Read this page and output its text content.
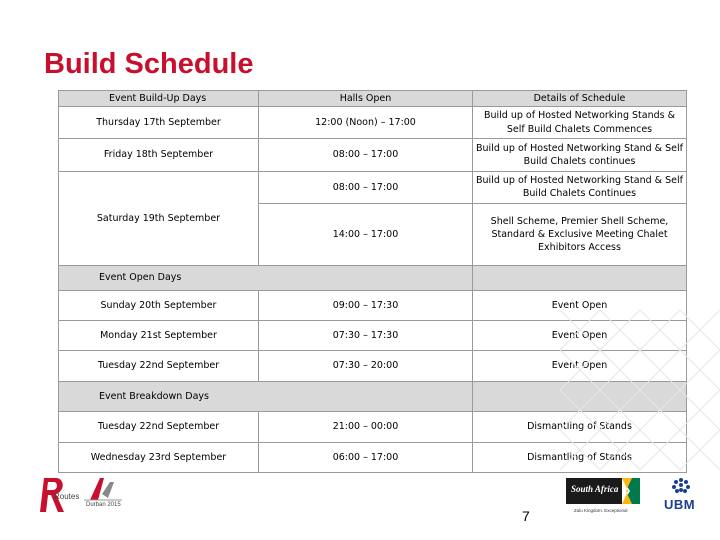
Build Schedule
Event Build-Up Days	Halls Open	Details of Schedule
Thursday 17th September	12:00 (Noon) – 17:00	Build up of Hosted Networking Stands & Self Build Chalets Commences
Friday 18th September	08:00 – 17:00	Build up of Hosted Networking Stand & Self Build Chalets continues
Saturday 19th September	08:00 – 17:00	Build up of Hosted Networking Stand & Self Build Chalets Continues
	14:00 – 17:00	Shell Scheme, Premier Shell Scheme, Standard & Exclusive Meeting Chalet Exhibitors Access
Event Open Days		
Sunday 20th September	09:00 – 17:30	Event Open
Monday 21st September	07:30 – 17:30	Event Open
Tuesday 22nd September	07:30 – 20:00	Event Open
Event Breakdown Days		
Tuesday 22nd September	21:00 – 00:00	Dismantling of Stands
Wednesday 23rd September	06:00 – 17:00	Dismantling of Stands
Routes
Durban 2015
South Africa
Zulu Kingdom. Exceptional	UBM
7
